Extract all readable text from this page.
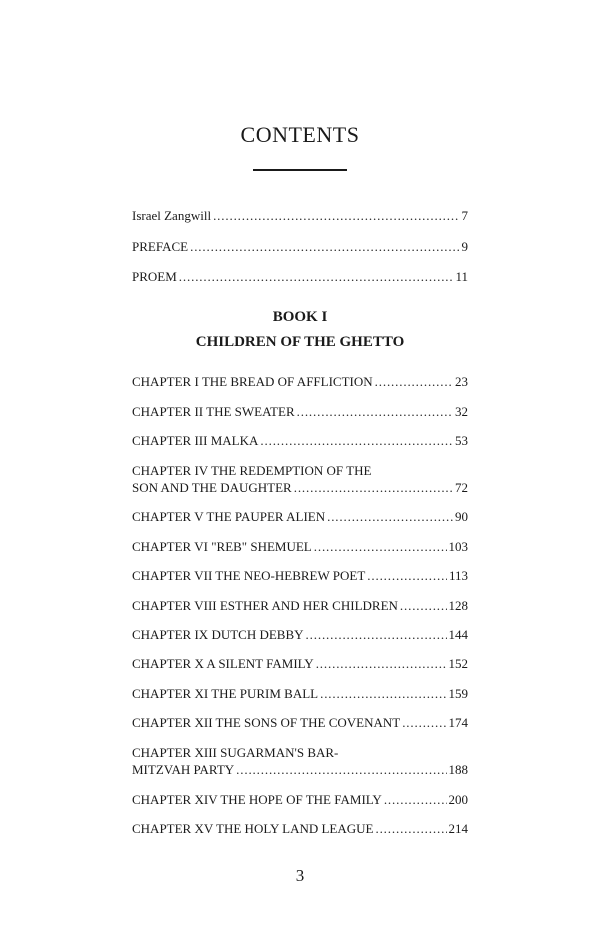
CONTENTS
Israel Zangwill . . .	7
PREFACE . . .	9
PROEM . . .	11
BOOK I
CHILDREN OF THE GHETTO
CHAPTER I THE BREAD OF AFFLICTION . . .	23
CHAPTER II THE SWEATER . . .	32
CHAPTER III MALKA . . .	53
CHAPTER IV THE REDEMPTION OF THE
SON AND THE DAUGHTER . . .	72
CHAPTER V THE PAUPER ALIEN . . .	90
CHAPTER VI "REB" SHEMUEL . . .	103
CHAPTER VII THE NEO-HEBREW POET . . .	113
CHAPTER VIII ESTHER AND HER CHILDREN . . .	128
CHAPTER IX DUTCH DEBBY . . .	144
CHAPTER X A SILENT FAMILY . . .	152
CHAPTER XI THE PURIM BALL . . .	159
CHAPTER XII THE SONS OF THE COVENANT . . .	174
CHAPTER XIII SUGARMAN'S BAR-
MITZVAH PARTY . . .	188
CHAPTER XIV THE HOPE OF THE FAMILY . . .	200
CHAPTER XV THE HOLY LAND LEAGUE . . .	214
3
